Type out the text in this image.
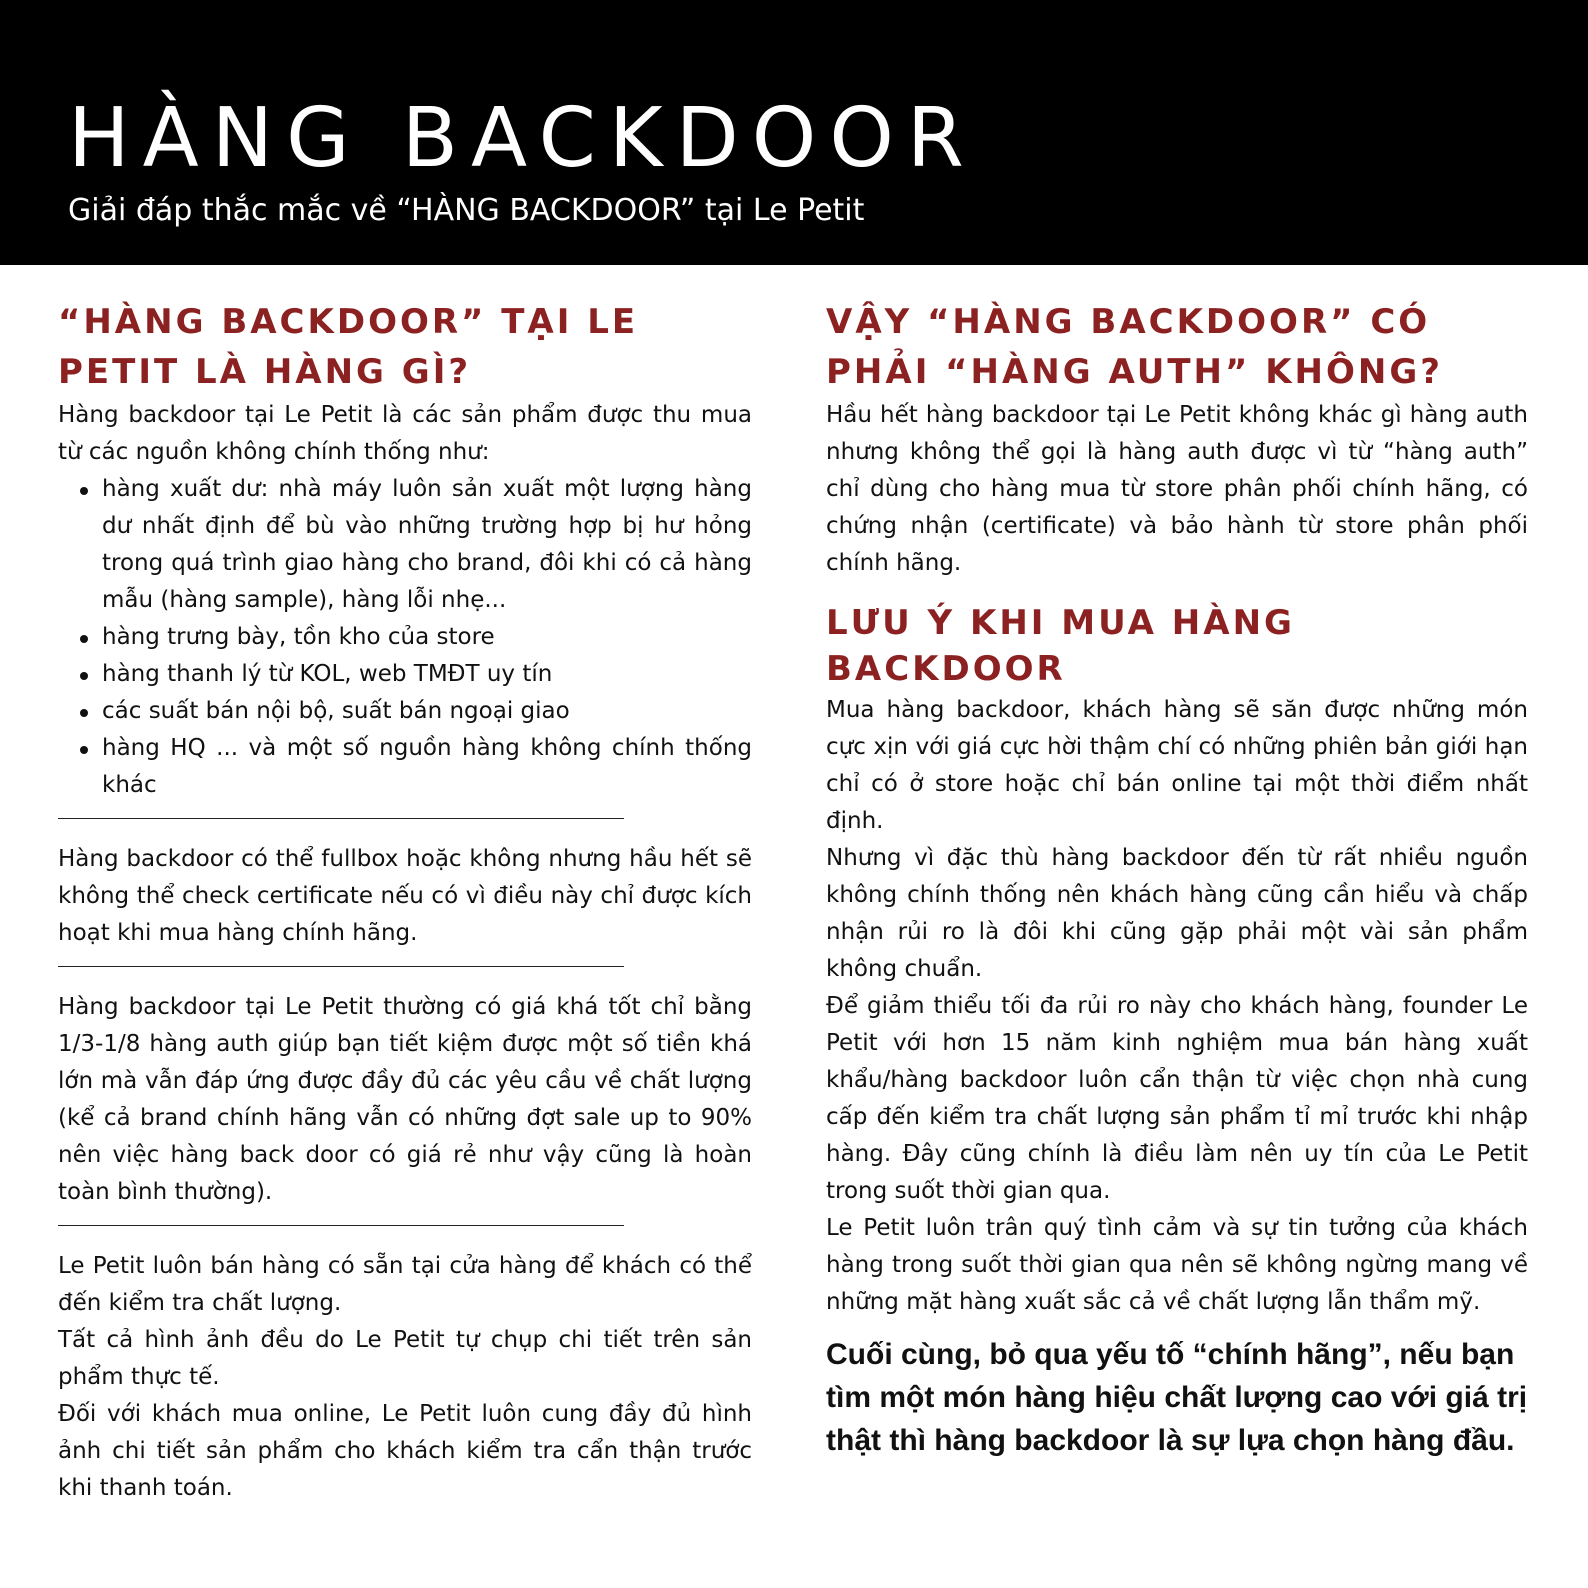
HÀNG BACKDOOR
Giải đáp thắc mắc về “HÀNG BACKDOOR” tại Le Petit
“HÀNG BACKDOOR” TẠI LE PETIT LÀ HÀNG GÌ?

Hàng backdoor tại Le Petit là các sản phẩm được thu mua từ các nguồn không chính thống như:

hàng xuất dư: nhà máy luôn sản xuất một lượng hàng dư nhất định để bù vào những trường hợp bị hư hỏng trong quá trình giao hàng cho brand, đôi khi có cả hàng mẫu (hàng sample), hàng lỗi nhẹ...
hàng trưng bày, tồn kho của store
hàng thanh lý từ KOL, web TMĐT uy tín
các suất bán nội bộ, suất bán ngoại giao
hàng HQ ... và một số nguồn hàng không chính thống khác

Hàng backdoor có thể fullbox hoặc không nhưng hầu hết sẽ không thể check certificate nếu có vì điều này chỉ được kích hoạt khi mua hàng chính hãng.

Hàng backdoor tại Le Petit thường có giá khá tốt chỉ bằng 1/3-1/8 hàng auth giúp bạn tiết kiệm được một số tiền khá lớn mà vẫn đáp ứng được đầy đủ các yêu cầu về chất lượng (kể cả brand chính hãng vẫn có những đợt sale up to 90% nên việc hàng back door có giá rẻ như vậy cũng là hoàn toàn bình thường).

Le Petit luôn bán hàng có sẵn tại cửa hàng để khách có thể đến kiểm tra chất lượng.

Tất cả hình ảnh đều do Le Petit tự chụp chi tiết trên sản phẩm thực tế.

Đối với khách mua online, Le Petit luôn cung đầy đủ hình ảnh chi tiết sản phẩm cho khách kiểm tra cẩn thận trước khi thanh toán.

VẬY “HÀNG BACKDOOR” CÓ PHẢI “HÀNG AUTH” KHÔNG?

Hầu hết hàng backdoor tại Le Petit không khác gì hàng auth nhưng không thể gọi là hàng auth được vì từ “hàng auth” chỉ dùng cho hàng mua từ store phân phối chính hãng, có chứng nhận (certificate) và bảo hành từ store phân phối chính hãng.

LƯU Ý KHI MUA HÀNG BACKDOOR

Mua hàng backdoor, khách hàng sẽ săn được những món cực xịn với giá cực hời thậm chí có những phiên bản giới hạn chỉ có ở store hoặc chỉ bán online tại một thời điểm nhất định.

Nhưng vì đặc thù hàng backdoor đến từ rất nhiều nguồn không chính thống nên khách hàng cũng cần hiểu và chấp nhận rủi ro là đôi khi cũng gặp phải một vài sản phẩm không chuẩn.

Để giảm thiểu tối đa rủi ro này cho khách hàng, founder Le Petit với hơn 15 năm kinh nghiệm mua bán hàng xuất khẩu/hàng backdoor luôn cẩn thận từ việc chọn nhà cung cấp đến kiểm tra chất lượng sản phẩm tỉ mỉ trước khi nhập hàng. Đây cũng chính là điều làm nên uy tín của Le Petit trong suốt thời gian qua.

Le Petit luôn trân quý tình cảm và sự tin tưởng của khách hàng trong suốt thời gian qua nên sẽ không ngừng mang về những mặt hàng xuất sắc cả về chất lượng lẫn thẩm mỹ.

Cuối cùng, bỏ qua yếu tố “chính hãng”, nếu bạn tìm một món hàng hiệu chất lượng cao với giá trị thật thì hàng backdoor là sự lựa chọn hàng đầu.
